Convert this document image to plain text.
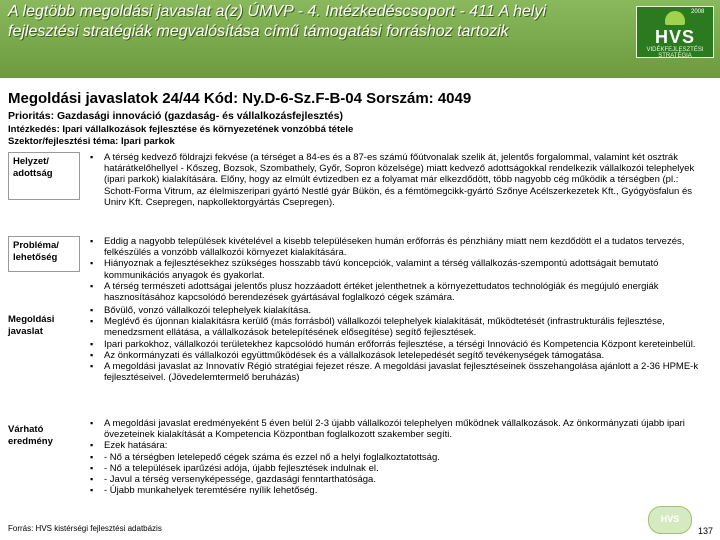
A legtöbb megoldási javaslat a(z) ÚMVP - 4. Intézkedéscsoport - 411 A helyi fejlesztési stratégiák megvalósítása című támogatási forráshoz tartozik
2008
HVS
VIDÉKFEJLESZTÉSI STRATÉGIA
Megoldási javaslatok 24/44 Kód: Ny.D-6-Sz.F-B-04 Sorszám: 4049
Prioritás: Gazdasági innováció (gazdaság- és vállalkozásfejlesztés)
Intézkedés: Ipari vállalkozások fejlesztése és környezetének vonzóbbá tétele
Szektor/fejlesztési téma: Ipari parkok
Helyzet/ adottság
▪ A térség kedvező földrajzi fekvése (a térséget a 84-es és a 87-es számú főútvonalak szelik át, jelentős forgalommal, valamint két osztrák határátkelőhellyel - Kőszeg, Bozsok, Szombathely, Győr, Sopron közelsége) miatt kedvező adottságokkal rendelkezik vállalkozói telephelyek (ipari parkok) kialakítására. Előny, hogy az elmúlt évtizedben ez a folyamat már elkezdődött, több nagyobb cég működik a térségben (pl.: Schott-Forma Vitrum, az élelmiszeripari gyártó Nestlé gyár Bükön, és a fémtömegcikk-gyártó Szőnye Acélszerkezetek Kft., Gyógyösfalun és Unirv Kft. Csepregen, napkollektorgyártás Csepregen).
Probléma/ lehetőség
▪ Eddig a nagyobb települések kivételével a kisebb településeken humán erőforrás és pénzhiány miatt nem kezdődött el a tudatos tervezés, felkészülés a vonzóbb vállalkozói környezet kialakítására.
▪ Hiányoznak a fejlesztésekhez szükséges hosszabb távú koncepciók, valamint a térség vállalkozás-szempontú adottságait bemutató kommunikációs anyagok és gyakorlat.
▪ A térség természeti adottságai jelentős plusz hozzáadott értéket jelenthetnek a környezettudatos technológiák és megújuló energiák hasznosításához kapcsolódó berendezések gyártásával foglalkozó cégek számára.
Megoldási javaslat
▪ Bővülő, vonzó vállalkozói telephelyek kialakítása.
▪ Meglévő és újonnan kialakításra kerülő (más forrásból) vállalkozói telephelyek kialakítását, működtetését (infrastrukturális fejlesztése, menedzsment ellátása, a vállalkozások betelepítésének elősegítése) segítő fejlesztések.
▪ Ipari parkokhoz, vállalkozói területekhez kapcsolódó humán erőforrás fejlesztése, a térségi Innováció és Kompetencia Központ kereteinbelül.
▪ Az önkormányzati és vállalkozói együttműködések és a vállalkozások letelepedését segítő tevékenységek támogatása.
▪ A megoldási javaslat az Innovatív Régió stratégiai fejezet része. A megoldási javaslat fejlesztéseinek összehangolása ajánlott a 2-36 HPME-k fejlesztéseivel. (Jövedelemtermelő beruházás)
Várható eredmény
▪ A megoldási javaslat eredményeként 5 éven belül 2-3 újabb vállalkozói telephelyen működnek vállalkozások. Az önkormányzati újabb ipari övezeteinek kialakítását a Kompetencia Központban foglalkozott szakember segíti.
▪ Ezek hatására:
▪ - Nő a térségben letelepedő cégek száma és ezzel nő a helyi foglalkoztatottság.
▪ - Nő a települések iparűzési adója, újabb fejlesztések indulnak el.
▪ - Javul a térség versenyképessége, gazdasági fenntarthatósága.
▪ - Újabb munkahelyek teremtésére nyílik lehetőség.
Forrás: HVS kistérségi fejlesztési adatbázis
HVS
137
